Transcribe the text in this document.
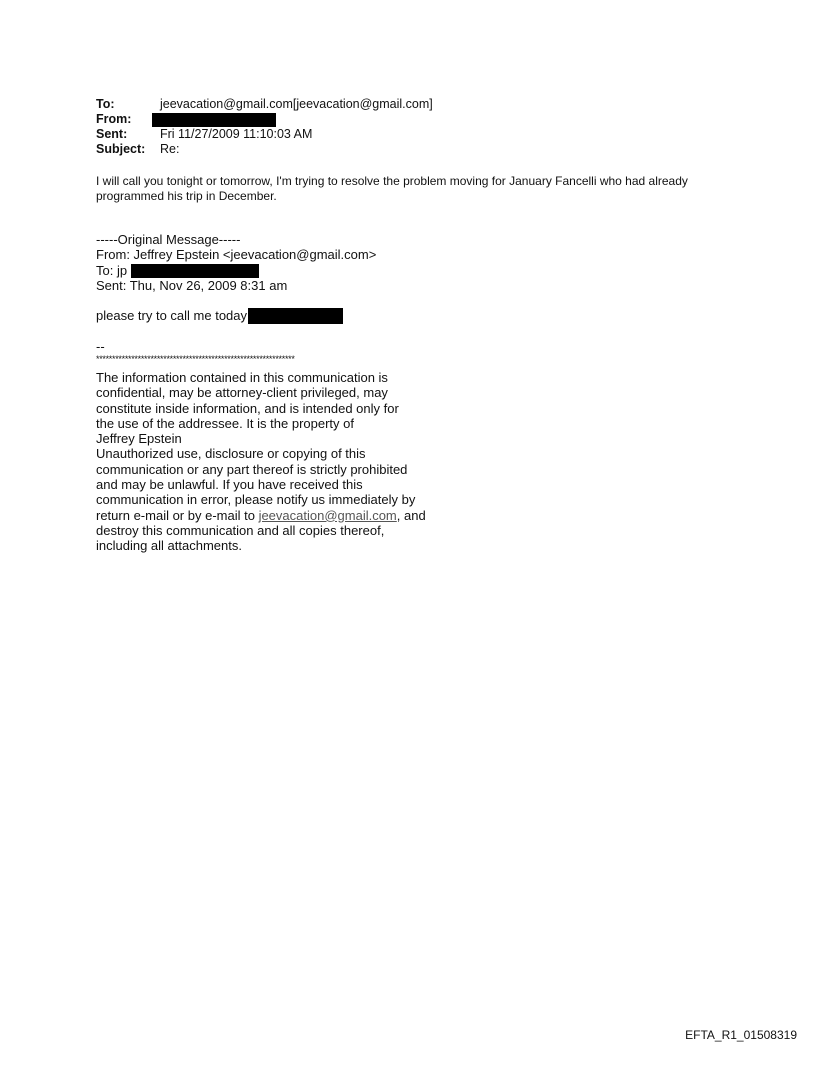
To:	jeevacation@gmail.com[jeevacation@gmail.com]
From:
Sent:	Fri 11/27/2009 11:10:03 AM
Subject:	Re:
I will call you tonight or tomorrow, I'm trying to resolve the problem moving for January Fancelli who had already programmed his trip in December.
-----Original Message-----
From: Jeffrey Epstein <jeevacation@gmail.com>
To: jp
Sent: Thu, Nov 26, 2009 8:31 am
please try to call me today
--
**************************************************************
The information contained in this communication is
confidential, may be attorney-client privileged, may
constitute inside information, and is intended only for
the use of the addressee. It is the property of
Jeffrey Epstein
Unauthorized use, disclosure or copying of this
communication or any part thereof is strictly prohibited
and may be unlawful. If you have received this
communication in error, please notify us immediately by
return e-mail or by e-mail to jeevacation@gmail.com, and
destroy this communication and all copies thereof,
including all attachments.
EFTA_R1_01508319
